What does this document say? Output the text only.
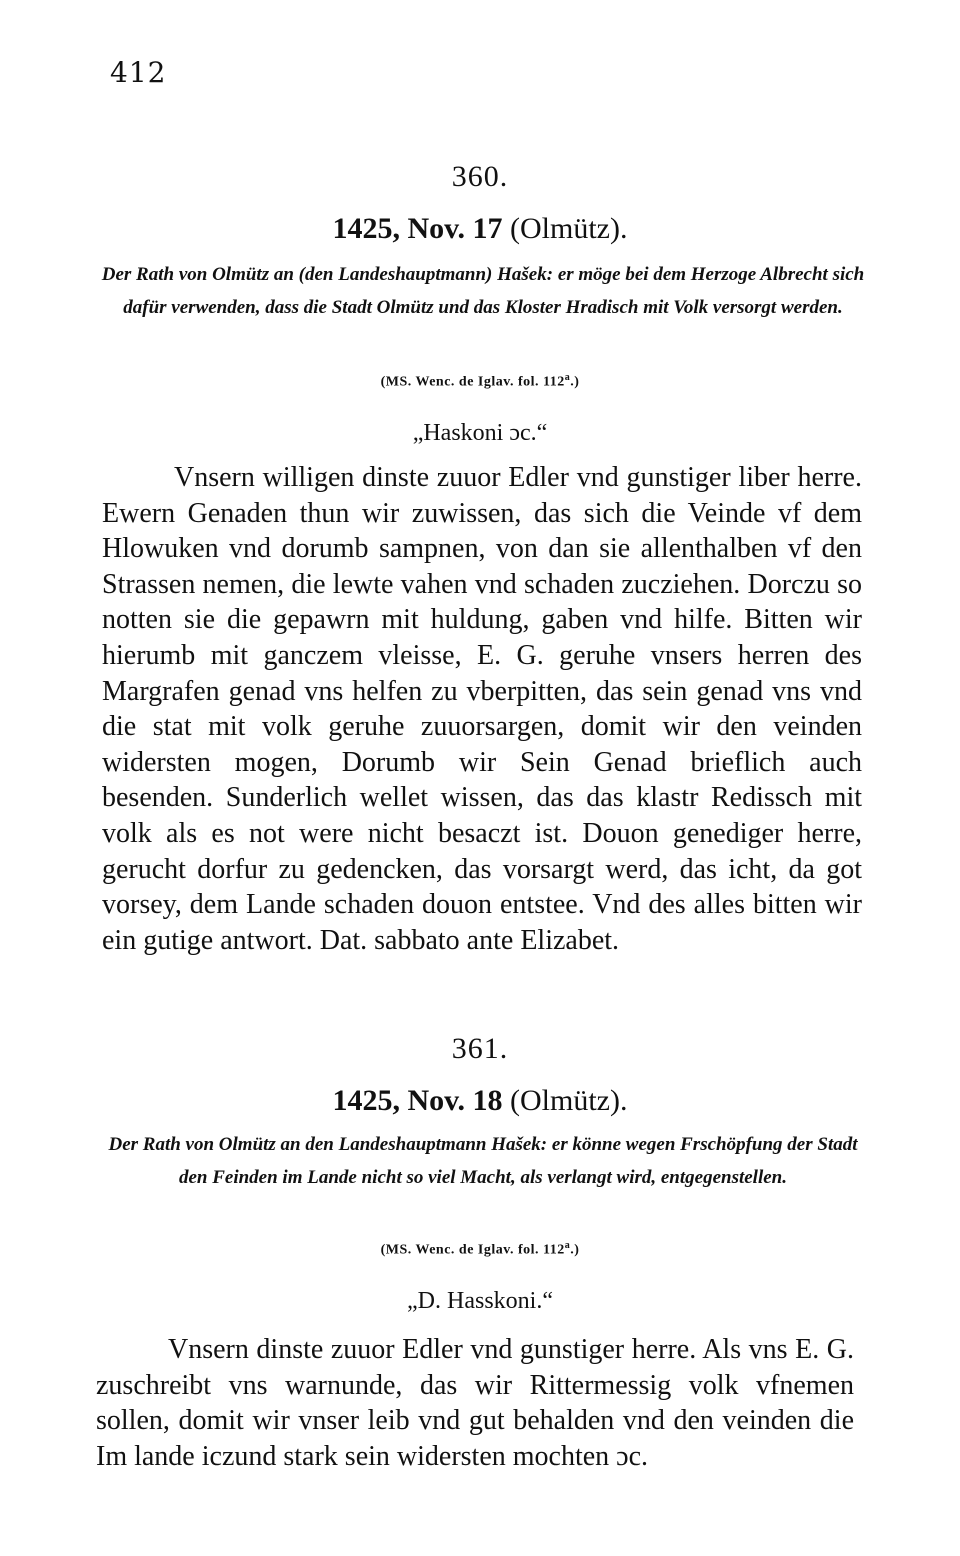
412
360.
1425, Nov. 17 (Olmütz).
Der Rath von Olmütz an (den Landeshauptmann) Hašek: er möge bei dem Herzoge Albrecht sich dafür verwenden, dass die Stadt Olmütz und das Kloster Hradisch mit Volk versorgt werden.
(MS. Wenc. de Iglav. fol. 112$^a$.)
„Haskoni ɔc.“
Vnsern willigen dinste zuuor Edler vnd gunstiger liber herre. Ewern Genaden thun wir zuwissen, das sich die Veinde vf dem Hlowuken vnd dorumb sampnen, von dan sie allenthalben vf den Strassen nemen, die lewte vahen vnd schaden zucziehen. Dorczu so notten sie die gepawrn mit huldung, gaben vnd hilfe. Bitten wir hierumb mit ganczem vleisse, E. G. geruhe vnsers herren des Margrafen genad vns helfen zu vberpitten, das sein genad vns vnd die stat mit volk geruhe zuuorsargen, domit wir den veinden widersten mogen, Dorumb wir Sein Genad brieflich auch besenden. Sunderlich wellet wissen, das das klastr Redissch mit volk als es not were nicht besaczt ist. Douon genediger herre, gerucht dorfur zu gedencken, das vorsargt werd, das icht, da got vorsey, dem Lande schaden douon entstee. Vnd des alles bitten wir ein gutige antwort. Dat. sabbato ante Elizabet.
361.
1425, Nov. 18 (Olmütz).
Der Rath von Olmütz an den Landeshauptmann Hašek: er könne wegen Frschöpfung der Stadt den Feinden im Lande nicht so viel Macht, als verlangt wird, entgegenstellen.
(MS. Wenc. de Iglav. fol. 112$^a$.)
„D. Hasskoni.“
Vnsern dinste zuuor Edler vnd gunstiger herre. Als vns E. G. zuschreibt vns warnunde, das wir Rittermessig volk vfnemen sollen, domit wir vnser leib vnd gut behalden vnd den veinden die Im lande iczund stark sein widersten mochten ɔc.
